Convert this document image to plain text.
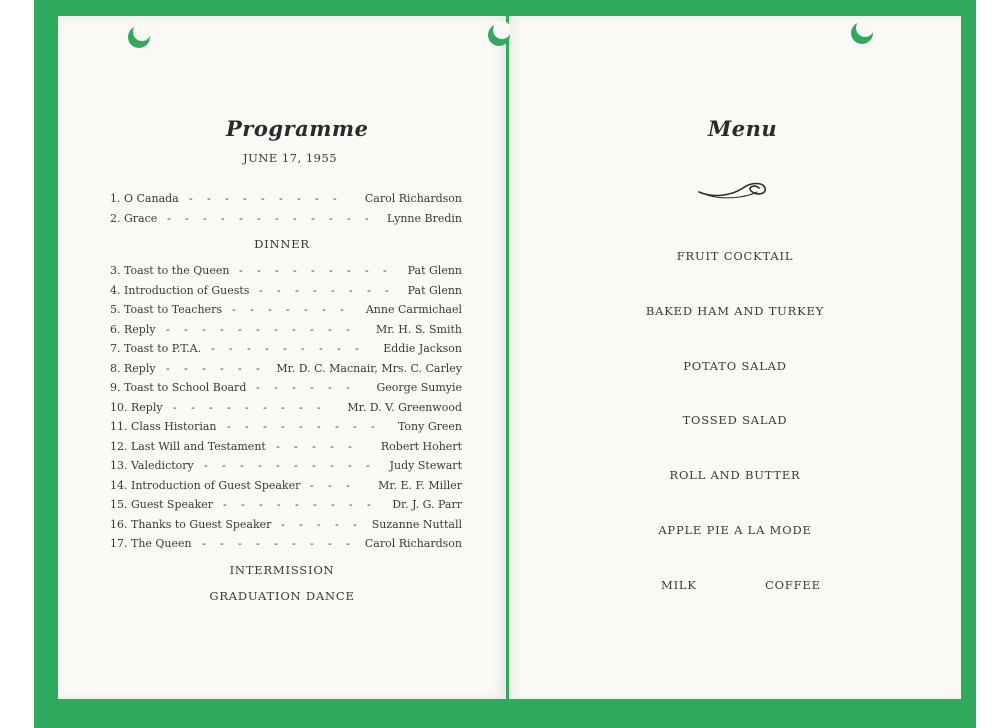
Programme
JUNE 17, 1955
1. O Canada	Carol Richardson
- - - - - - - - -
2. Grace	Lynne Bredin
- - - - - - - - - - - -
DINNER
3. Toast to the Queen	Pat Glenn
- - - - - - - - -
4. Introduction of Guests	Pat Glenn
- - - - - - - -
5. Toast to Teachers	Anne Carmichael
- - - - - - -
6. Reply	Mr. H. S. Smith
- - - - - - - - - - -
7. Toast to P.T.A.	Eddie Jackson
- - - - - - - - -
8. Reply	Mr. D. C. Macnair, Mrs. C. Carley
- - - - - -
9. Toast to School Board	George Sumyie
- - - - - -
10. Reply	Mr. D. V. Greenwood
- - - - - - - - -
11. Class Historian	Tony Green
- - - - - - - - -
12. Last Will and Testament	Robert Hohert
- - - - -
13. Valedictory	Judy Stewart
- - - - - - - - - -
14. Introduction of Guest Speaker	Mr. E. F. Miller
- - -
15. Guest Speaker	Dr. J. G. Parr
- - - - - - - - -
16. Thanks to Guest Speaker	Suzanne Nuttall
- - - - -
17. The Queen	Carol Richardson
- - - - - - - - -
INTERMISSION
GRADUATION DANCE
Menu
FRUIT COCKTAIL
BAKED HAM AND TURKEY
POTATO SALAD
TOSSED SALAD
ROLL AND BUTTER
APPLE PIE A LA MODE
MILK	COFFEE
